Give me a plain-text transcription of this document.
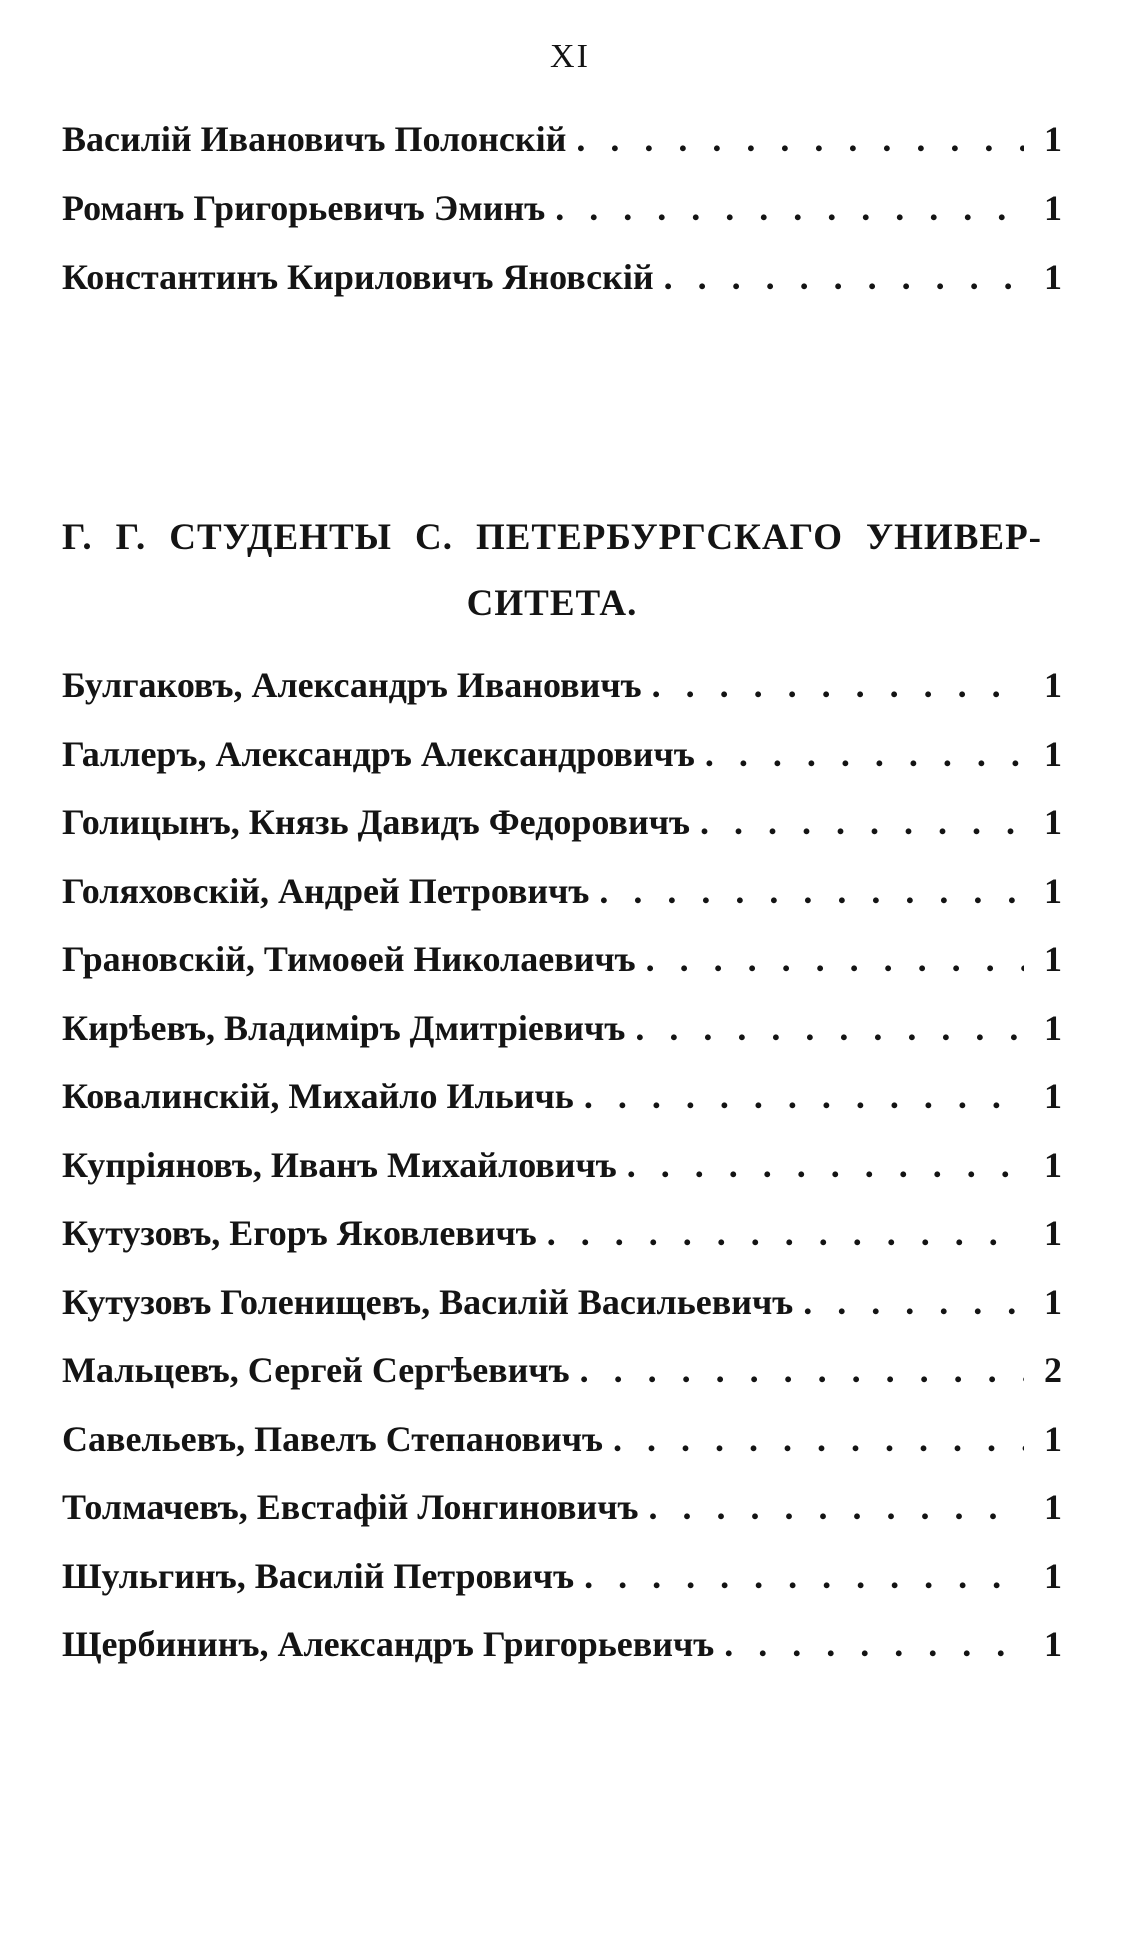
XI
Василій Ивановичъ Полонскій . . .	1
Романъ Григорьевичъ Эминъ . . .	1
Константинъ Кириловичъ Яновскій . . .	1
Г. Г. СТУДЕНТЫ С. ПЕТЕРБУРГСКАГО УНИВЕР-
СИТЕТА.
Булгаковъ, Александръ Ивановичъ . . .	1
Галлеръ, Александръ Александровичъ . . .	1
Голицынъ, Князь Давидъ Федоровичъ . . .	1
Голяховскій, Андрей Петровичъ . . .	1
Грановскій, Тимоѳей Николаевичъ . . .	1
Кирѣевъ, Владиміръ Дмитріевичъ . . .	1
Ковалинскій, Михайло Ильичь . . .	1
Купріяновъ, Иванъ Михайловичъ . . .	1
Кутузовъ, Егоръ Яковлевичъ . . .	1
Кутузовъ Голенищевъ, Василій Васильевичъ . . .	1
Мальцевъ, Сергей Сергѣевичъ . . .	2
Савельевъ, Павелъ Степановичъ . . .	1
Толмачевъ, Евстафій Лонгиновичъ . . .	1
Шульгинъ, Василій Петровичъ . . .	1
Щербининъ, Александръ Григорьевичъ . . .	1
